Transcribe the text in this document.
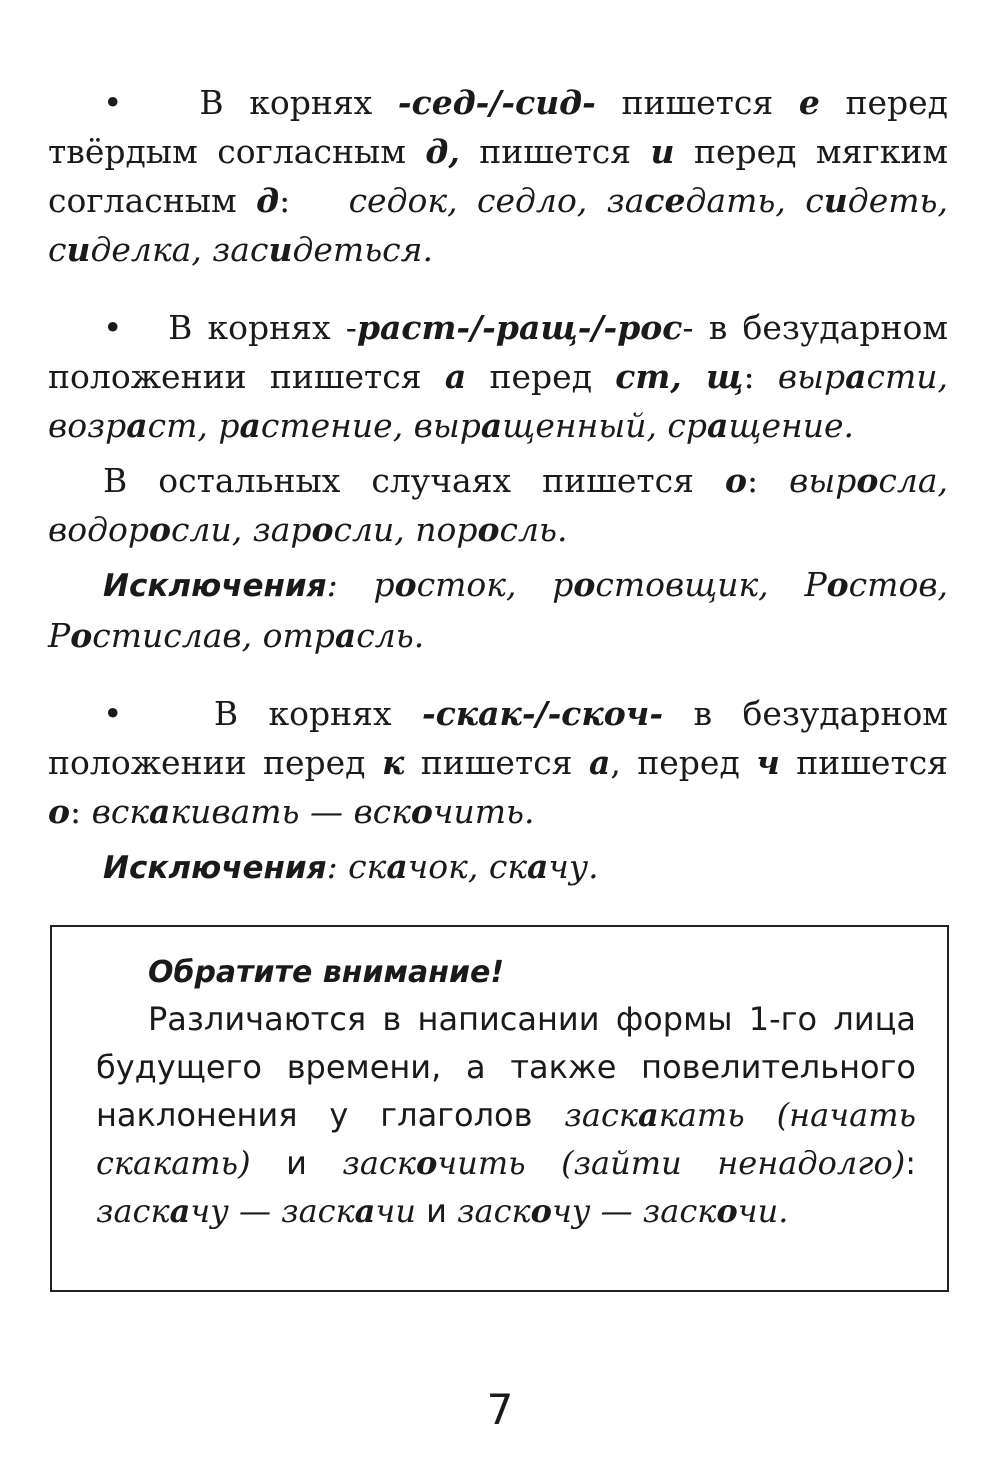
•   В корнях -сед-/-сид- пишется е перед твёрдым согласным д, пишется и перед мягким согласным д:   седок, седло, заседать, сидеть, сиделка, засидеться.

•   В корнях -раст-/-ращ-/-рос- в безударном положении пишется а перед ст, щ: вырасти, возраст, растение, выращенный, сращение.

В остальных случаях пишется о: выросла, водоросли, заросли, поросль.

Исключения: росток, ростовщик, Ростов, Ростислав, отрасль.

•   В корнях -скак-/-скоч- в безударном положении перед к пишется а, перед ч пишется о: вскакивать — вскочить.

Исключения: скачок, скачу.

Обратите внимание!

Различаются в написании формы 1-го лица будущего времени, а также повелительного наклонения у глаголов заскакать (начать скакать) и заскочить (зайти ненадолго): заскачу — заскачи и заскочу — заскочи.

7
